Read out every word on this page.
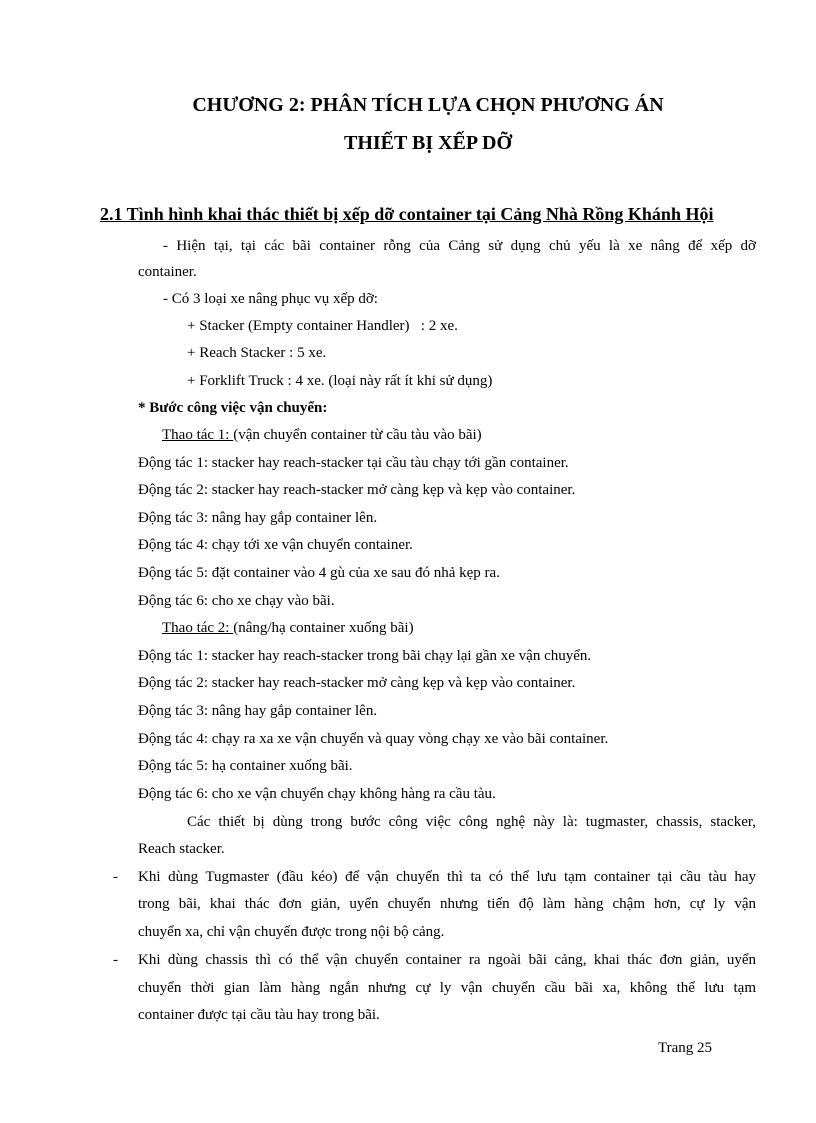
CHƯƠNG 2: PHÂN TÍCH LỰA CHỌN PHƯƠNG ÁN
THIẾT BỊ XẾP DỠ
2.1 Tình hình khai thác thiết bị xếp dỡ container tại Cảng Nhà Rồng Khánh Hội
- Hiện tại, tại các bãi container rỗng của Cảng sử dụng chủ yếu là xe nâng để xếp dỡ
container.
- Có 3 loại xe nâng phục vụ xếp dỡ:
+ Stacker (Empty container Handler)   : 2 xe.
+ Reach Stacker : 5 xe.
+ Forklift Truck : 4 xe. (loại này rất ít khi sử dụng)
* Bước công việc vận chuyển:
Thao tác 1: (vận chuyển container từ cầu tàu vào bãi)
Động tác 1: stacker hay reach-stacker tại cầu tàu chạy tới gần container.
Động tác 2: stacker hay reach-stacker mở càng kẹp và kẹp vào container.
Động tác 3: nâng hay gắp container lên.
Động tác 4: chạy tới xe vận chuyển container.
Động tác 5: đặt container vào 4 gù của xe sau đó nhả kẹp ra.
Động tác 6: cho xe chạy vào bãi.
Thao tác 2: (nâng/hạ container xuống bãi)
Động tác 1: stacker hay reach-stacker trong bãi chạy lại gần xe vận chuyển.
Động tác 2: stacker hay reach-stacker mở càng kẹp và kẹp vào container.
Động tác 3: nâng hay gắp container lên.
Động tác 4: chạy ra xa xe vận chuyển và quay vòng chạy xe vào bãi container.
Động tác 5: hạ container xuống bãi.
Động tác 6: cho xe vận chuyển chạy không hàng ra cầu tàu.
Các thiết bị dùng trong bước công việc công nghệ này là: tugmaster, chassis, stacker,
Reach stacker.
- Khi dùng Tugmaster (đầu kéo) để vận chuyển thì ta có thể lưu tạm container tại cầu tàu hay
trong bãi, khai thác đơn giản, uyển chuyển nhưng tiến độ làm hàng chậm hơn, cự ly vận
chuyển xa, chỉ vận chuyển được trong nội bộ cảng.
- Khi dùng chassis thì có thể vận chuyển container ra ngoài bãi cảng, khai thác đơn giản, uyển
chuyển thời gian làm hàng ngắn nhưng cự ly vận chuyển cầu bãi xa, không thể lưu tạm
container được tại cầu tàu hay trong bãi.
Trang 25
